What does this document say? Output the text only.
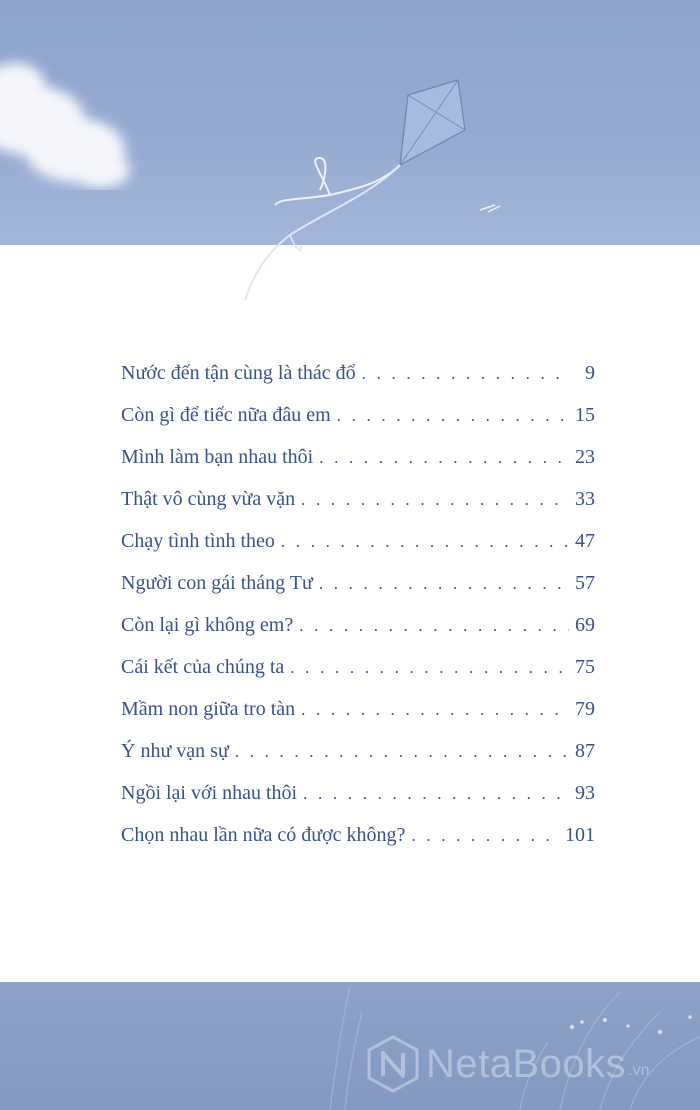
Nước đến tận cùng là thác đổ . . .	9
Còn gì để tiếc nữa đâu em . . .	15
Mình làm bạn nhau thôi . . .	23
Thật vô cùng vừa vặn . . .	33
Chạy tình tình theo . . .	47
Người con gái tháng Tư . . .	57
Còn lại gì không em? . . .	69
Cái kết của chúng ta . . .	75
Mầm non giữa tro tàn . . .	79
Ý như vạn sự . . .	87
Ngồi lại với nhau thôi . . .	93
Chọn nhau lần nữa có được không? . . .	101
NetaBooks .vn
